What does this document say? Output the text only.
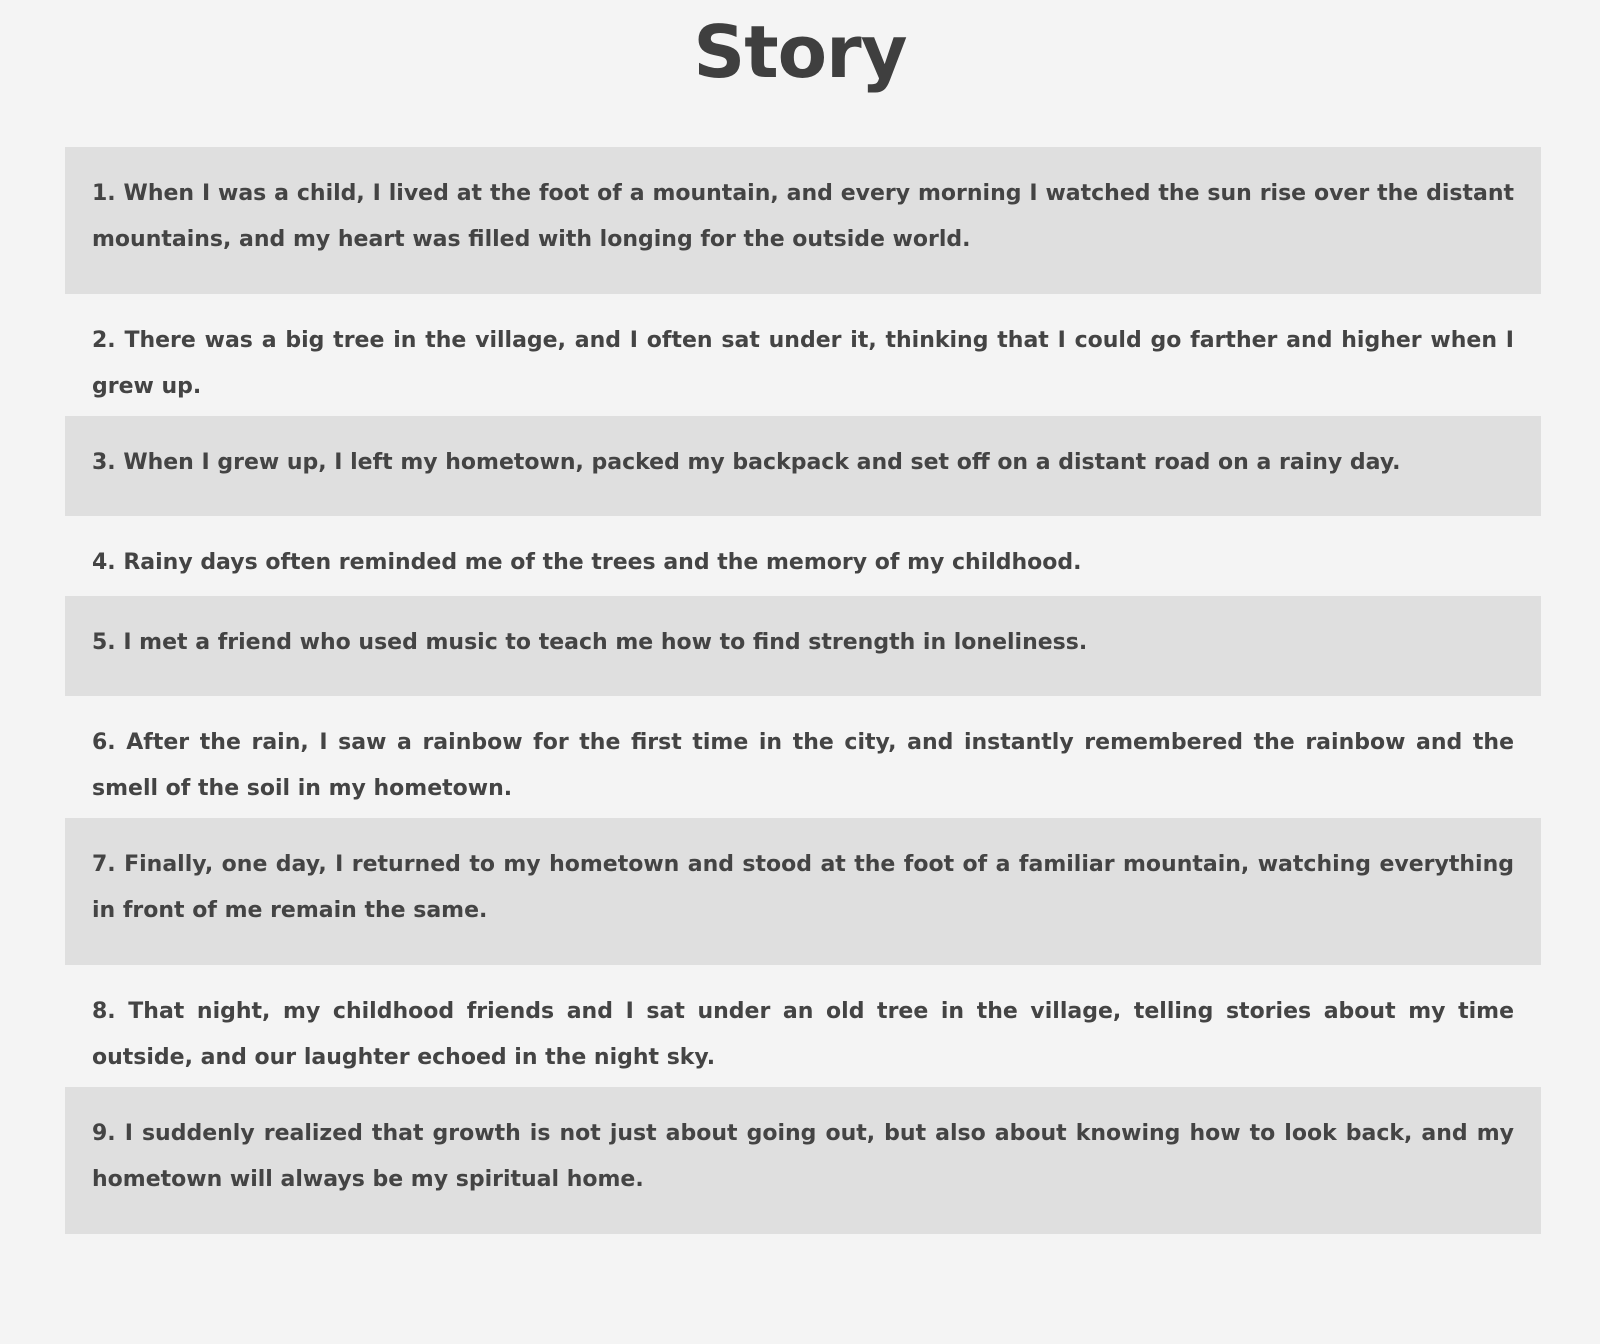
Story
1. When I was a child, I lived at the foot of a mountain, and every morning I watched the sun rise over the distant mountains, and my heart was filled with longing for the outside world.
2. There was a big tree in the village, and I often sat under it, thinking that I could go farther and higher when I grew up.
3. When I grew up, I left my hometown, packed my backpack and set off on a distant road on a rainy day.
4. Rainy days often reminded me of the trees and the memory of my childhood.
5. I met a friend who used music to teach me how to find strength in loneliness.
6. After the rain, I saw a rainbow for the first time in the city, and instantly remembered the rainbow and the smell of the soil in my hometown.
7. Finally, one day, I returned to my hometown and stood at the foot of a familiar mountain, watching everything in front of me remain the same.
8. That night, my childhood friends and I sat under an old tree in the village, telling stories about my time outside, and our laughter echoed in the night sky.
9. I suddenly realized that growth is not just about going out, but also about knowing how to look back, and my hometown will always be my spiritual home.
